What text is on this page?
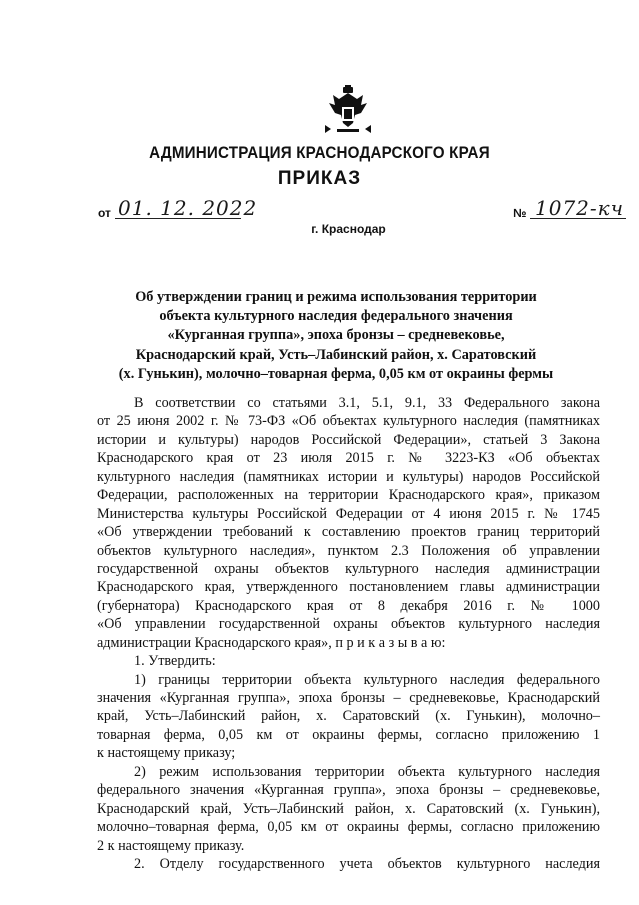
АДМИНИСТРАЦИЯ КРАСНОДАРСКОГО КРАЯ
ПРИКАЗ
от 01. 12. 2022	№ 1072-кч
г. Краснодар
Об утверждении границ и режима использования территории
объекта культурного наследия федерального значения
«Курганная группа», эпоха бронзы – средневековье,
Краснодарский край, Усть–Лабинский район, х. Саратовский
(х. Гунькин), молочно–товарная ферма, 0,05 км от окраины фермы
В соответствии со статьями 3.1, 5.1, 9.1, 33 Федерального закона
от 25 июня 2002 г. № 73-ФЗ «Об объектах культурного наследия (памятниках
истории и культуры) народов Российской Федерации», статьей 3 Закона
Краснодарского края от 23 июля 2015 г. № 3223-КЗ «Об объектах
культурного наследия (памятниках истории и культуры) народов Российской
Федерации, расположенных на территории Краснодарского края», приказом
Министерства культуры Российской Федерации от 4 июня 2015 г. № 1745
«Об утверждении требований к составлению проектов границ территорий
объектов культурного наследия», пунктом 2.3 Положения об управлении
государственной охраны объектов культурного наследия администрации
Краснодарского края, утвержденного постановлением главы администрации
(губернатора) Краснодарского края от 8 декабря 2016 г. № 1000
«Об управлении государственной охраны объектов культурного наследия
администрации Краснодарского края», п р и к а з ы в а ю:
1. Утвердить:
1) границы территории объекта культурного наследия федерального
значения «Курганная группа», эпоха бронзы – средневековье, Краснодарский
край, Усть–Лабинский район, х. Саратовский (х. Гунькин), молочно–
товарная ферма, 0,05 км от окраины фермы, согласно приложению 1
к настоящему приказу;
2) режим использования территории объекта культурного наследия
федерального значения «Курганная группа», эпоха бронзы – средневековье,
Краснодарский край, Усть–Лабинский район, х. Саратовский (х. Гунькин),
молочно–товарная ферма, 0,05 км от окраины фермы, согласно приложению
2 к настоящему приказу.
2. Отделу государственного учета объектов культурного наследия
